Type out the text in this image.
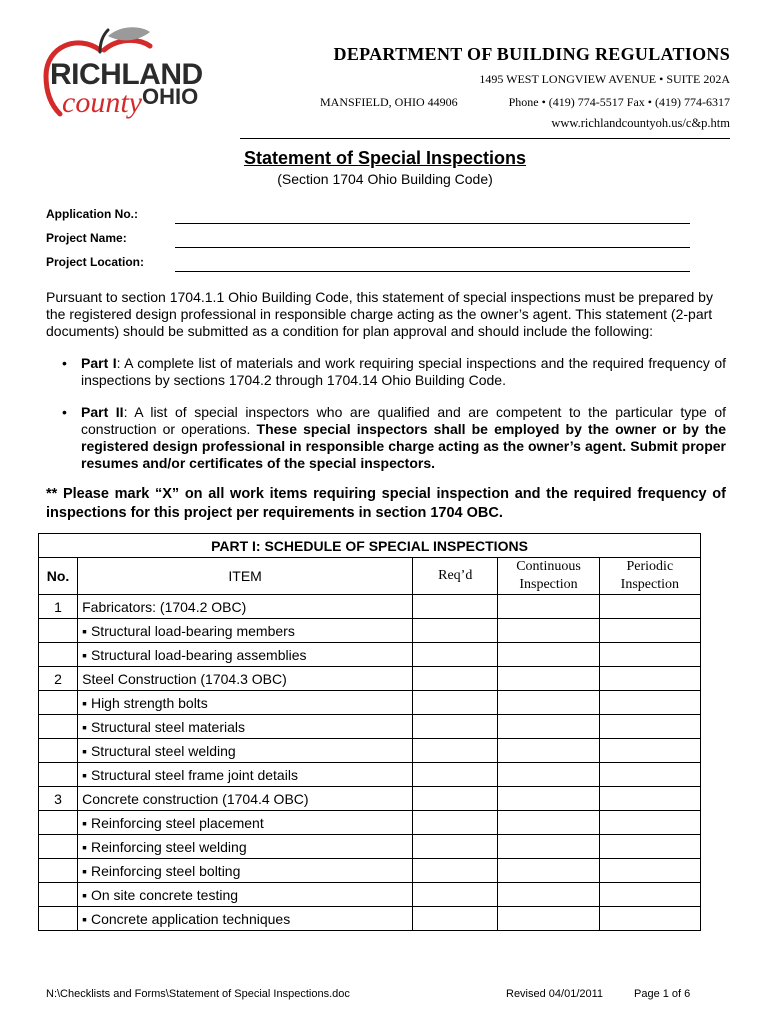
RICHLAND
county OHIO
DEPARTMENT OF BUILDING REGULATIONS
1495 WEST LONGVIEW AVENUE • SUITE 202A
MANSFIELD, OHIO 44906	Phone • (419) 774-5517 Fax • (419) 774-6317
www.richlandcountyoh.us/c&p.htm
Statement of Special Inspections
(Section 1704 Ohio Building Code)
Application No.:
Project Name:
Project Location:
Pursuant to section 1704.1.1 Ohio Building Code, this statement of special inspections must be prepared by the registered design professional in responsible charge acting as the owner’s agent. This statement (2-part documents) should be submitted as a condition for plan approval and should include the following:
• Part I: A complete list of materials and work requiring special inspections and the required frequency of inspections by sections 1704.2 through 1704.14 Ohio Building Code.
• Part II: A list of special inspectors who are qualified and are competent to the particular type of construction or operations. These special inspectors shall be employed by the owner or by the registered design professional in responsible charge acting as the owner’s agent. Submit proper resumes and/or certificates of the special inspectors.
** Please mark “X” on all work items requiring special inspection and the required frequency of inspections for this project per requirements in section 1704 OBC.
PART I: SCHEDULE OF SPECIAL INSPECTIONS				
No.	ITEM	Req’d	Continuous Inspection	Periodic Inspection
1	Fabricators: (1704.2 OBC)			
	▪ Structural load-bearing members			
	▪ Structural load-bearing assemblies			
2	Steel Construction (1704.3 OBC)			
	▪ High strength bolts			
	▪ Structural steel materials			
	▪ Structural steel welding			
	▪ Structural steel frame joint details			
3	Concrete construction (1704.4 OBC)			
	▪ Reinforcing steel placement			
	▪ Reinforcing steel welding			
	▪ Reinforcing steel bolting			
	▪ On site concrete testing			
	▪ Concrete application techniques			
N:\Checklists and Forms\Statement of Special Inspections.doc	Revised 04/01/2011	Page 1 of 6
